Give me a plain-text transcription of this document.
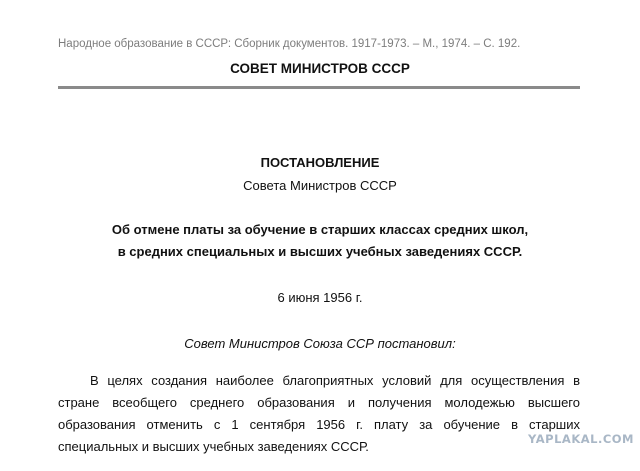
Народное образование в СССР: Сборник документов. 1917-1973. – М., 1974. – С. 192.
СОВЕТ МИНИСТРОВ СССР
ПОСТАНОВЛЕНИЕ
Совета Министров СССР
Об отмене платы за обучение в старших классах средних школ,
в средних специальных и высших учебных заведениях СССР.
6 июня 1956 г.
Совет Министров Союза ССР постановил:
В целях создания наиболее благоприятных условий для осуществления в
стране всеобщего среднего образования и получения молодежью высшего
образования отменить с 1 сентября 1956 г. плату за обучение в старших
специальных и высших учебных заведениях СССР.	YAPLAKAL.COM
